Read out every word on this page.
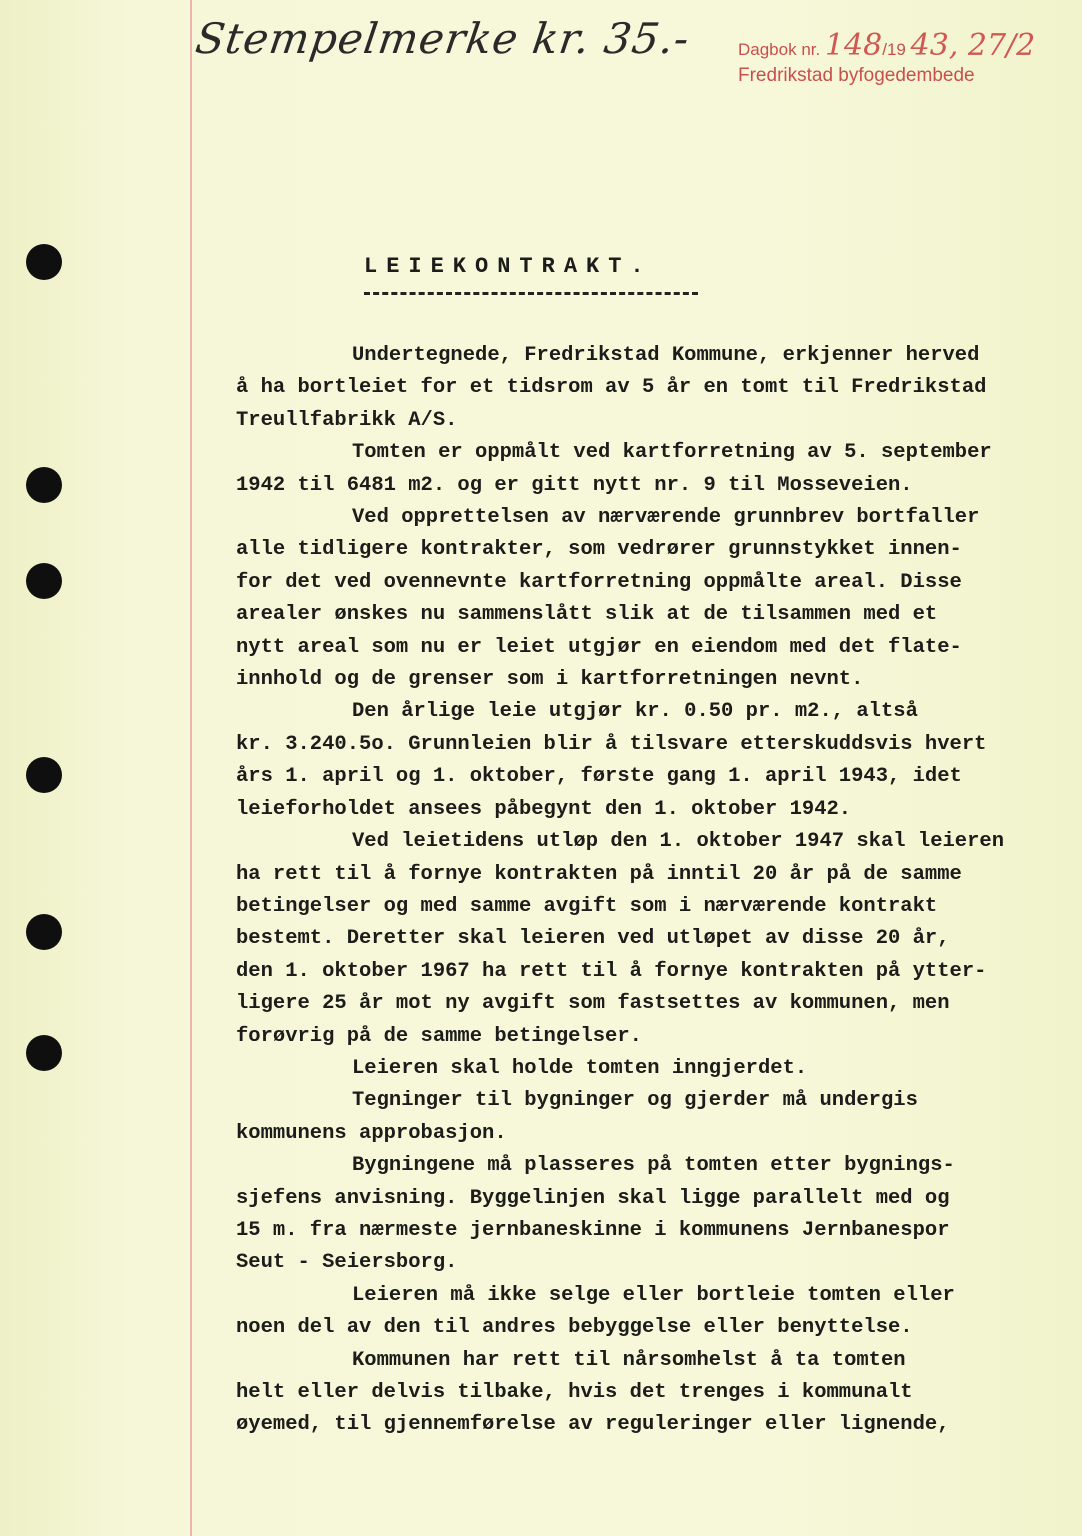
Stempelmerke kr. 35.-	Dagbok nr. 148/19 43, 27/2
Fredrikstad byfogedembede
LEIEKONTRAKT.

Undertegnede, Fredrikstad Kommune, erkjenner herved

å ha bortleiet for et tidsrom av 5 år en tomt til Fredrikstad

Treullfabrikk A/S.

Tomten er oppmålt ved kartforretning av 5. september

1942 til 6481 m2. og er gitt nytt nr. 9 til Mosseveien.

Ved opprettelsen av nærværende grunnbrev bortfaller

alle tidligere kontrakter, som vedrører grunnstykket innen-

for det ved ovennevnte kartforretning oppmålte areal. Disse

arealer ønskes nu sammenslått slik at de tilsammen med et

nytt areal som nu er leiet utgjør en eiendom med det flate-

innhold og de grenser som i kartforretningen nevnt.

Den årlige leie utgjør kr. 0.50 pr. m2., altså

kr. 3.240.5o. Grunnleien blir å tilsvare etterskuddsvis hvert

års 1. april og 1. oktober, første gang 1. april 1943, idet

leieforholdet ansees påbegynt den 1. oktober 1942.

Ved leietidens utløp den 1. oktober 1947 skal leieren

ha rett til å fornye kontrakten på inntil 20 år på de samme

betingelser og med samme avgift som i nærværende kontrakt

bestemt. Deretter skal leieren ved utløpet av disse 20 år,

den 1. oktober 1967 ha rett til å fornye kontrakten på ytter-

ligere 25 år mot ny avgift som fastsettes av kommunen, men

forøvrig på de samme betingelser.

Leieren skal holde tomten inngjerdet.

Tegninger til bygninger og gjerder må undergis

kommunens approbasjon.

Bygningene må plasseres på tomten etter bygnings-

sjefens anvisning. Byggelinjen skal ligge parallelt med og

15 m. fra nærmeste jernbaneskinne i kommunens Jernbanespor

Seut - Seiersborg.

Leieren må ikke selge eller bortleie tomten eller

noen del av den til andres bebyggelse eller benyttelse.

Kommunen har rett til nårsomhelst å ta tomten

helt eller delvis tilbake, hvis det trenges i kommunalt

øyemed, til gjennemførelse av reguleringer eller lignende,
